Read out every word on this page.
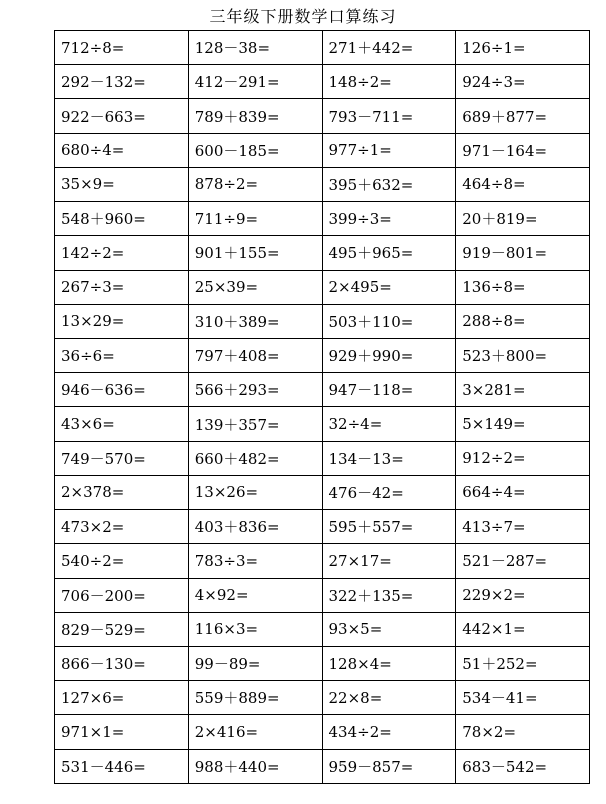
三年级下册数学口算练习
712÷8=	128－38=	271＋442=	126÷1=
292－132=	412－291=	148÷2=	924÷3=
922－663=	789＋839=	793－711=	689＋877=
680÷4=	600－185=	977÷1=	971－164=
35×9=	878÷2=	395＋632=	464÷8=
548＋960=	711÷9=	399÷3=	20＋819=
142÷2=	901＋155=	495＋965=	919－801=
267÷3=	25×39=	2×495=	136÷8=
13×29=	310＋389=	503＋110=	288÷8=
36÷6=	797＋408=	929＋990=	523＋800=
946－636=	566＋293=	947－118=	3×281=
43×6=	139＋357=	32÷4=	5×149=
749－570=	660＋482=	134－13=	912÷2=
2×378=	13×26=	476－42=	664÷4=
473×2=	403＋836=	595＋557=	413÷7=
540÷2=	783÷3=	27×17=	521－287=
706－200=	4×92=	322＋135=	229×2=
829－529=	116×3=	93×5=	442×1=
866－130=	99－89=	128×4=	51＋252=
127×6=	559＋889=	22×8=	534－41=
971×1=	2×416=	434÷2=	78×2=
531－446=	988＋440=	959－857=	683－542=
